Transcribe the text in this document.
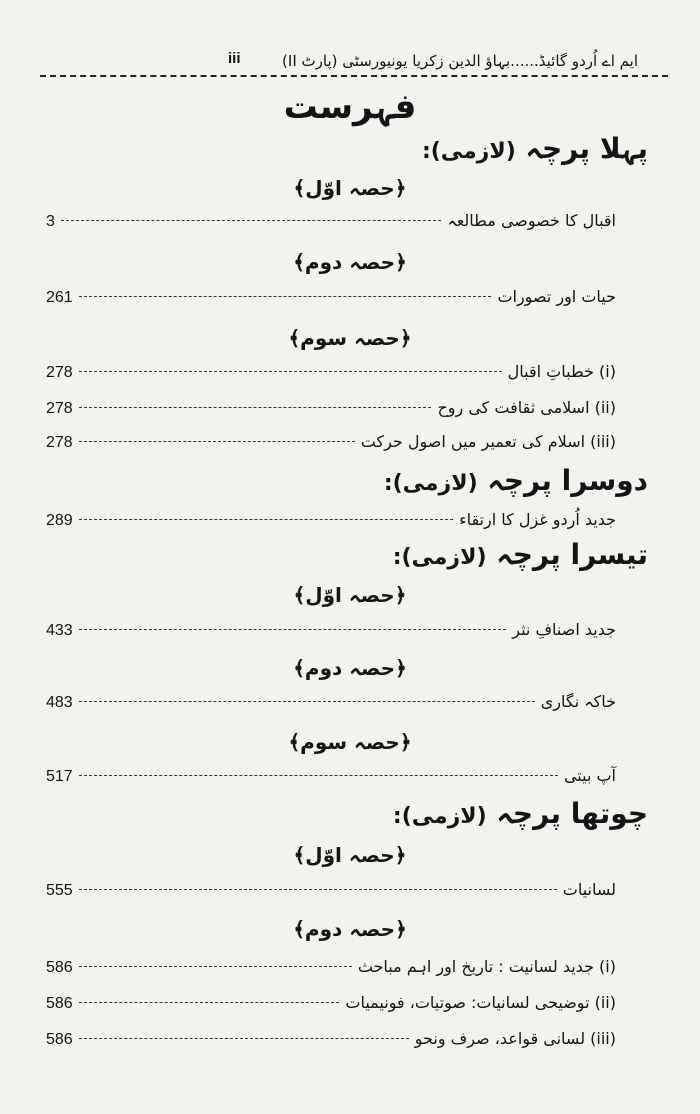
ایم اے اُردو گائیڈ......بہاؤ الدین زکریا یونیورسٹی (پارٹ II)
iii
فہرست
پہلا پرچہ (لازمی):
﴿حصہ اوّل﴾
اقبال کا خصوصی مطالعہ
3
﴿حصہ دوم﴾
حیات اور تصورات
261
﴿حصہ سوم﴾
(i) خطباتِ اقبال
278
(ii) اسلامی ثقافت کی روح
278
(iii) اسلام کی تعمیر میں اصول حرکت
278
دوسرا پرچہ (لازمی):
جدید اُردو غزل کا ارتقاء
289
تیسرا پرچہ (لازمی):
﴿حصہ اوّل﴾
جدید اصنافِ نثر
433
﴿حصہ دوم﴾
خاکہ نگاری
483
﴿حصہ سوم﴾
آپ بیتی
517
چوتھا پرچہ (لازمی):
﴿حصہ اوّل﴾
لسانیات
555
﴿حصہ دوم﴾
(i) جدید لسانیت : تاریخ اور اہم مباحث
586
(ii) توضیحی لسانیات: صوتیات، فونیمیات
586
(iii) لسانی قواعد، صرف ونحو
586
